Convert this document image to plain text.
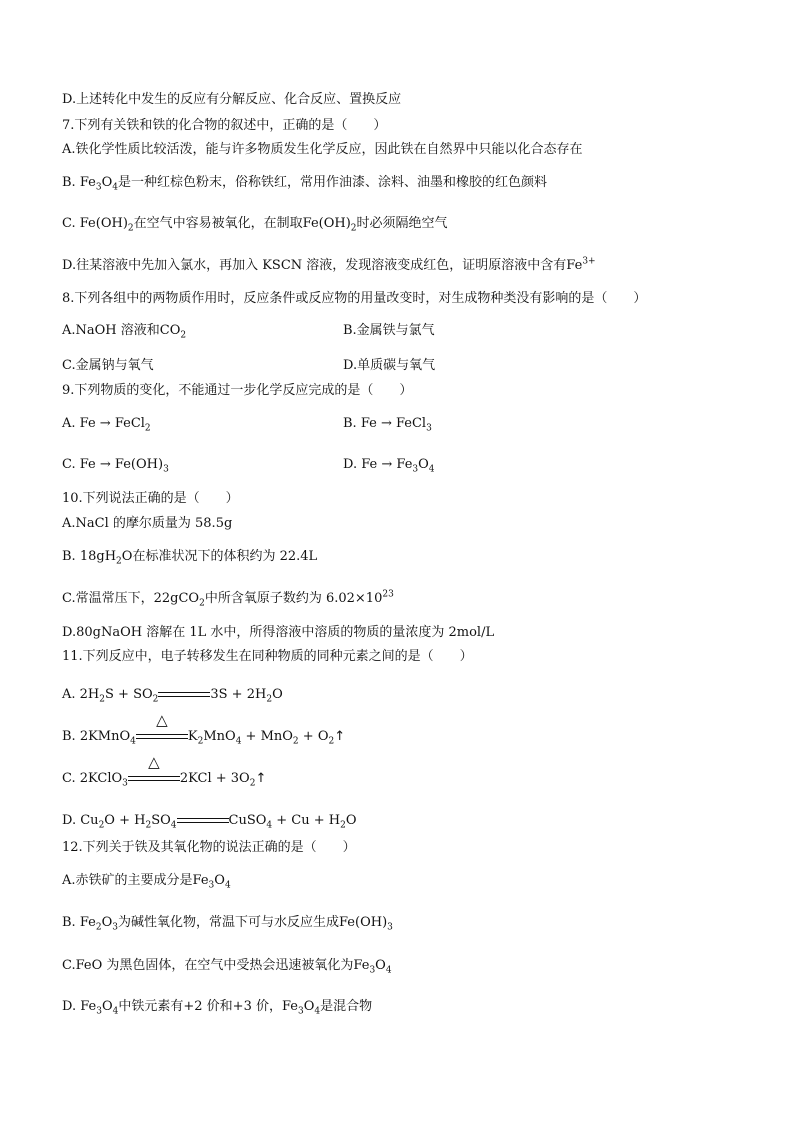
D.上述转化中发生的反应有分解反应、化合反应、置换反应
7.下列有关铁和铁的化合物的叙述中，正确的是（　　）
A.铁化学性质比较活泼，能与许多物质发生化学反应，因此铁在自然界中只能以化合态存在
B. $Fe_3O_4$是一种红棕色粉末，俗称铁红，常用作油漆、涂料、油墨和橡胶的红色颜料
C. $Fe(OH)_2$在空气中容易被氧化，在制取$Fe(OH)_2$时必须隔绝空气
D.往某溶液中先加入氯水，再加入 KSCN 溶液，发现溶液变成红色，证明原溶液中含有$Fe^{3+}$
8.下列各组中的两物质作用时，反应条件或反应物的用量改变时，对生成物种类没有影响的是（　　）
A.NaOH 溶液和$CO_2$	B.金属铁与氯气
C.金属钠与氧气	D.单质碳与氧气
9.下列物质的变化，不能通过一步化学反应完成的是（　　）
A. Fe → FeCl$_2$	B. Fe → FeCl$_3$
C. $Fe \to Fe(OH)_3$	D. $Fe \to Fe_3O_4$
10.下列说法正确的是（　　）
A.NaCl 的摩尔质量为 58.5g
B. $18gH_2O$在标准状况下的体积约为 22.4L
C.常温常压下，22gCO$_2$中所含氧原子数约为 $6.02\times 10^{23}$
D.80gNaOH 溶解在 1L 水中，所得溶液中溶质的物质的量浓度为 2mol/L
11.下列反应中，电子转移发生在同种物质的同种元素之间的是（　　）
A. $2H_2S + SO_2$	$3S + 2H_2O$
B. 2KMnO$_4$
△
$K_2MnO_4 + MnO_2$ + $O_2↑$
C. 2KClO$_3$
△
$2KCl + 3O_2↑$
D. $Cu_2O + H_2SO_4$	CuSO$_4$ + $Cu + H_2O$
12.下列关于铁及其氧化物的说法正确的是（　　）
A.赤铁矿的主要成分是$Fe_3O_4$
B. $Fe_2O_3$为碱性氧化物，常温下可与水反应生成$Fe(OH)_3$
C.FeO 为黑色固体，在空气中受热会迅速被氧化为$Fe_3O_4$
D. $Fe_3O_4$中铁元素有+2 价和+3 价，$Fe_3O_4$是混合物
